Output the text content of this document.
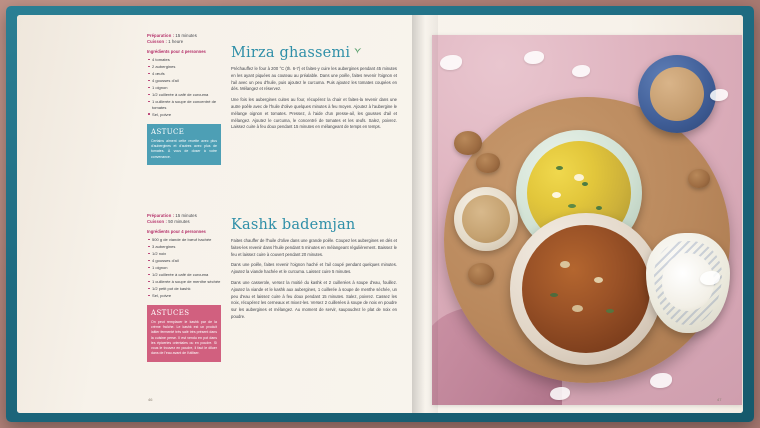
Préparation : 15 minutes
Cuisson : 1 heure
Ingrédients pour 4 personnes
4 tomates
2 aubergines
4 œufs
4 gousses d'ail
1 oignon
1/2 cuillerée à café de curcuma
1 cuillerée à soupe de concentré de tomates
Sel, poivre
ASTUCE
Certains aiment cette recette avec plus d'aubergines et d'autres avec plus de tomates. À vous de doser à votre convenance.
Préparation : 15 minutes
Cuisson : 50 minutes
Ingrédients pour 4 personnes
500 g de viande de bœuf hachée
3 aubergines
1/2 noix
4 gousses d'ail
1 oignon
1/2 cuillerée à café de curcuma
1 cuillerée à soupe de menthe séchée
1/2 petit pot de kashk
Sel, poivre
ASTUCES
On peut remplacer le kashk par de la crème fraîche. Le kashk est un produit laitier fermenté très salé très présent dans la cuisine perse. Il est vendu en pot dans les épiceries orientales ou en poudre. Si vous le trouvez en poudre, il faut le diluer dans de l'eau avant de l'utiliser.
Mirza ghassemi

Préchauffez le four à 200 °C (th. 6-7) et faites-y cuire les aubergines pendant 45 minutes en les ayant piquées au couteau au préalable. Dans une poêle, faites revenir l'oignon et l'ail avec un peu d'huile, puis ajoutez le curcuma. Puis ajoutez les tomates coupées en dés. Mélangez et réservez.

Une fois les aubergines cuites au four, récupérez la chair et faites-la revenir dans une autre poêle avec de l'huile d'olive quelques minutes à feu moyen. Ajoutez à l'aubergine le mélange oignon et tomates. Pressez, à l'aide d'un presse-ail, les gousses d'ail et mélangez. Ajoutez le curcuma, le concentré de tomates et les œufs. Salez, poivrez. Laissez cuire à feu doux pendant 15 minutes en mélangeant de temps en temps.

Kashk bademjan

Faites chauffer de l'huile d'olive dans une grande poêle. Coupez les aubergines en dés et faites-les revenir dans l'huile pendant 5 minutes en mélangeant régulièrement. Baissez le feu et laissez cuire à couvert pendant 20 minutes.

Dans une poêle, faites revenir l'oignon haché et l'ail coupé pendant quelques minutes. Ajoutez la viande hachée et le curcuma. Laissez cuire 5 minutes.

Dans une casserole, versez la moitié du kashk et 2 cuillerées à soupe d'eau, fouillez. Ajoutez la viande et le kashk aux aubergines, 1 cuillerée à soupe de menthe séchée, un peu d'eau et laissez cuire à feu doux pendant 15 minutes. Salez, poivrez. Cassez les noix, récupérez les cerneaux et mixez-les. Versez 2 cuillerées à soupe de noix en poudre sur les aubergines et mélangez. Au moment de servir, saupoudrez le plat de noix en poudre.

46	47
